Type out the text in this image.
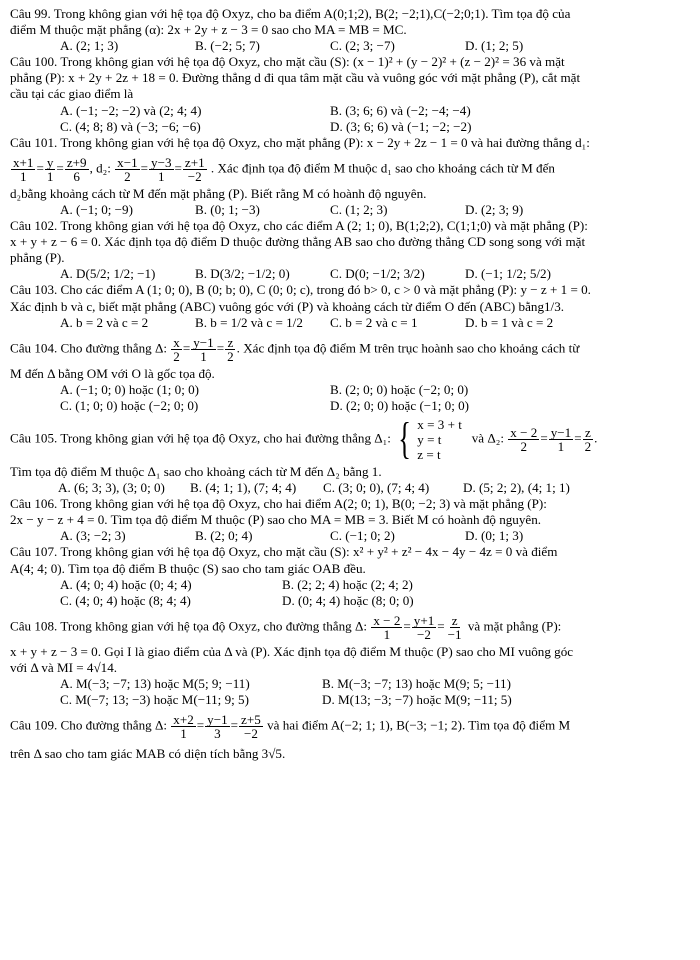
Câu 99. Trong không gian với hệ tọa độ Oxyz, cho ba điểm A(0;1;2), B(2; −2;1),C(−2;0;1). Tìm tọa độ của
điểm M thuộc mặt phẳng (α): 2x + 2y + z − 3 = 0 sao cho MA = MB = MC.
A. (2; 1; 3)	B. (−2; 5; 7)	C. (2; 3; −7)	D. (1; 2; 5)
Câu 100. Trong không gian với hệ tọa độ Oxyz, cho mặt cầu (S): (x − 1)² + (y − 2)² + (z − 2)² = 36 và mặt
phẳng (P): x + 2y + 2z + 18 = 0. Đường thẳng d đi qua tâm mặt cầu và vuông góc với mặt phẳng (P), cắt mặt
cầu tại các giao điểm là
A. (−1; −2; −2) và (2; 4; 4)	B. (3; 6; 6) và (−2; −4; −4)
C. (4; 8; 8) và (−3; −6; −6)	D. (3; 6; 6) và (−1; −2; −2)
Câu 101. Trong không gian với hệ tọa độ Oxyz, cho mặt phẳng (P): x − 2y + 2z − 1 = 0 và hai đường thẳng d₁:
$\frac{x+1}{1} = \frac{y}{1} = \frac{z+9}{6}$ , d₂: $\frac{x-1}{2} = \frac{y-3}{1} = \frac{z+1}{-2}$ . Xác định tọa độ điểm M thuộc d₁ sao cho khoảng cách từ M đến
d₂bằng khoảng cách từ M đến mặt phẳng (P). Biết rằng M có hoành độ nguyên.
A. (−1; 0; −9)	B. (0; 1; −3)	C. (1; 2; 3)	D. (2; 3; 9)
Câu 102. Trong không gian với hệ tọa độ Oxyz, cho các điểm A (2; 1; 0), B(1;2;2), C(1;1;0) và mặt phẳng (P):
x + y + z − 6 = 0. Xác định tọa độ điểm D thuộc đường thẳng AB sao cho đường thẳng CD song song với mặt
phẳng (P).
A. D(5/2; 1/2; −1)	B. D(3/2; −1/2; 0)	C. D(0; −1/2; 3/2)	D. (−1; 1/2; 5/2)
Câu 103. Cho các điểm A (1; 0; 0), B (0; b; 0), C (0; 0; c), trong đó b> 0, c > 0 và mặt phẳng (P): y − z + 1 = 0.
Xác định b và c, biết mặt phẳng (ABC) vuông góc với (P) và khoảng cách từ điểm O đến (ABC) bằng1/3.
A. b = 2 và c = 2	B. b = 1/2 và c = 1/2	C. b = 2 và c = 1	D. b = 1 và c = 2
Câu 104. Cho đường thẳng Δ: $\frac{x}{2} = \frac{y-1}{1} = \frac{z}{2}$ . Xác định tọa độ điểm M trên trục hoành sao cho khoảng cách từ
M đến Δ bằng OM với O là gốc tọa độ.
A. (−1; 0; 0) hoặc (1; 0; 0)	B. (2; 0; 0) hoặc (−2; 0; 0)
C. (1; 0; 0) hoặc (−2; 0; 0)	D. (2; 0; 0) hoặc (−1; 0; 0)
Câu 105. Trong không gian với hệ tọa độ Oxyz, cho hai đường thẳng Δ₁: { x = 3 + t
y = t
z = t
và Δ₂: $\frac{x - 2}{2} = \frac{y-1}{1} = \frac{z}{2}$ .
Tìm tọa độ điểm M thuộc Δ₁ sao cho khoảng cách từ M đến Δ₂ bằng 1.
A. (6; 3; 3), (3; 0; 0)	B. (4; 1; 1), (7; 4; 4)	C. (3; 0; 0), (7; 4; 4)	D. (5; 2; 2), (4; 1; 1)
Câu 106. Trong không gian với hệ tọa độ Oxyz, cho hai điểm A(2; 0; 1), B(0; −2; 3) và mặt phẳng (P):
2x − y − z + 4 = 0. Tìm tọa độ điểm M thuộc (P) sao cho MA = MB = 3. Biết M có hoành độ nguyên.
A. (3; −2; 3)	B. (2; 0; 4)	C. (−1; 0; 2)	D. (0; 1; 3)
Câu 107. Trong không gian với hệ tọa độ Oxyz, cho mặt cầu (S): x² + y² + z² − 4x − 4y − 4z = 0 và điểm
A(4; 4; 0). Tìm tọa độ điểm B thuộc (S) sao cho tam giác OAB đều.
A. (4; 0; 4) hoặc (0; 4; 4)	B. (2; 2; 4) hoặc (2; 4; 2)
C. (4; 0; 4) hoặc (8; 4; 4)	D. (0; 4; 4) hoặc (8; 0; 0)
Câu 108. Trong không gian với hệ tọa độ Oxyz, cho đường thẳng Δ: $\frac{x - 2}{1} = \frac{y+1}{-2} = \frac{z}{-1}$ và mặt phẳng (P):
x + y + z − 3 = 0. Gọi I là giao điểm của Δ và (P). Xác định tọa độ điểm M thuộc (P) sao cho MI vuông góc
với Δ và MI = 4√14.
A. M(−3; −7; 13) hoặc M(5; 9; −11)	B. M(−3; −7; 13) hoặc M(9; 5; −11)
C. M(−7; 13; −3) hoặc M(−11; 9; 5)	D. M(13; −3; −7) hoặc M(9; −11; 5)
Câu 109. Cho đường thẳng Δ: $\frac{x+2}{1} = \frac{y-1}{3} = \frac{z+5}{-2}$ và hai điểm A(−2; 1; 1), B(−3; −1; 2). Tìm tọa độ điểm M
trên Δ sao cho tam giác MAB có diện tích bằng 3√5.
